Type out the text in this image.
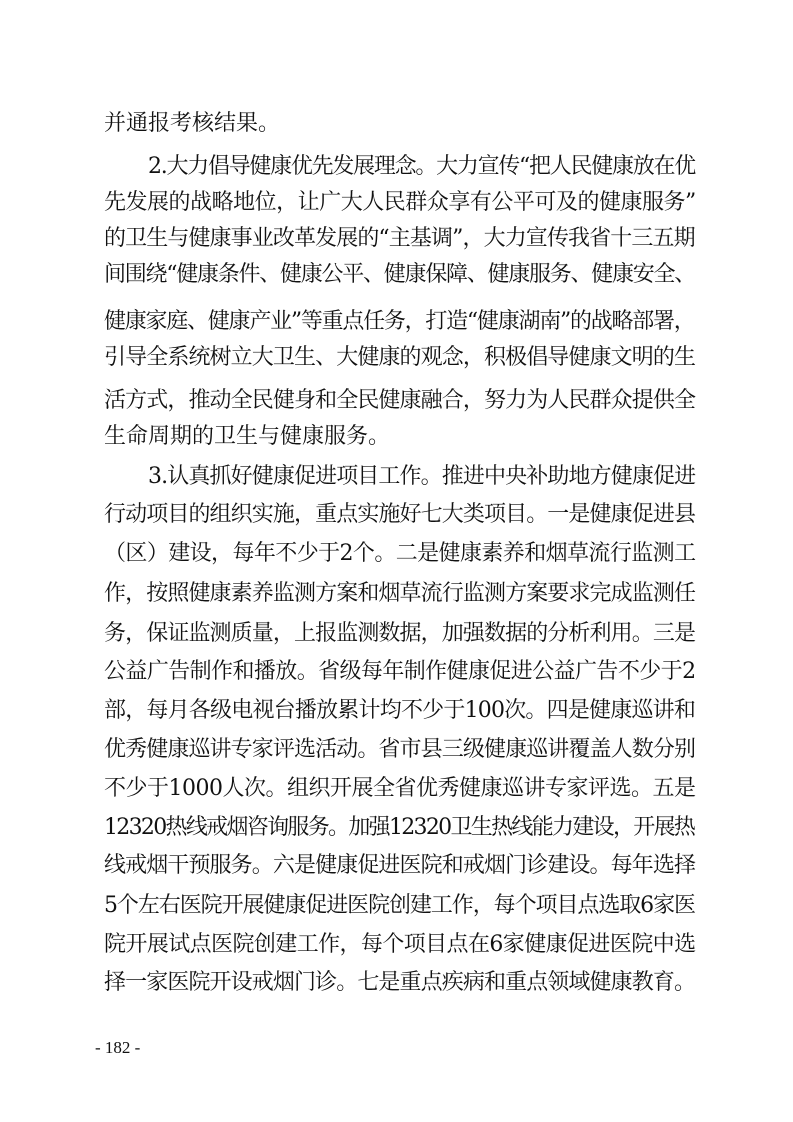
并通报考核结果。
2.大力倡导健康优先发展理念。大力宣传“把人民健康放在优
先发展的战略地位，让广大人民群众享有公平可及的健康服务”
的卫生与健康事业改革发展的“主基调”，大力宣传我省十三五期
间围绕“健康条件、健康公平、健康保障、健康服务、健康安全、
健康家庭、健康产业”等重点任务，打造“健康湖南”的战略部署，
引导全系统树立大卫生、大健康的观念，积极倡导健康文明的生
活方式，推动全民健身和全民健康融合，努力为人民群众提供全
生命周期的卫生与健康服务。
3.认真抓好健康促进项目工作。推进中央补助地方健康促进
行动项目的组织实施，重点实施好七大类项目。一是健康促进县
（区）建设，每年不少于2个。二是健康素养和烟草流行监测工
作，按照健康素养监测方案和烟草流行监测方案要求完成监测任
务，保证监测质量，上报监测数据，加强数据的分析利用。三是
公益广告制作和播放。省级每年制作健康促进公益广告不少于2
部，每月各级电视台播放累计均不少于100次。四是健康巡讲和
优秀健康巡讲专家评选活动。省市县三级健康巡讲覆盖人数分别
不少于1000人次。组织开展全省优秀健康巡讲专家评选。五是
12320热线戒烟咨询服务。加强12320卫生热线能力建设，开展热
线戒烟干预服务。六是健康促进医院和戒烟门诊建设。每年选择
5个左右医院开展健康促进医院创建工作，每个项目点选取6家医
院开展试点医院创建工作，每个项目点在6家健康促进医院中选
择一家医院开设戒烟门诊。七是重点疾病和重点领域健康教育。
- 182 -
